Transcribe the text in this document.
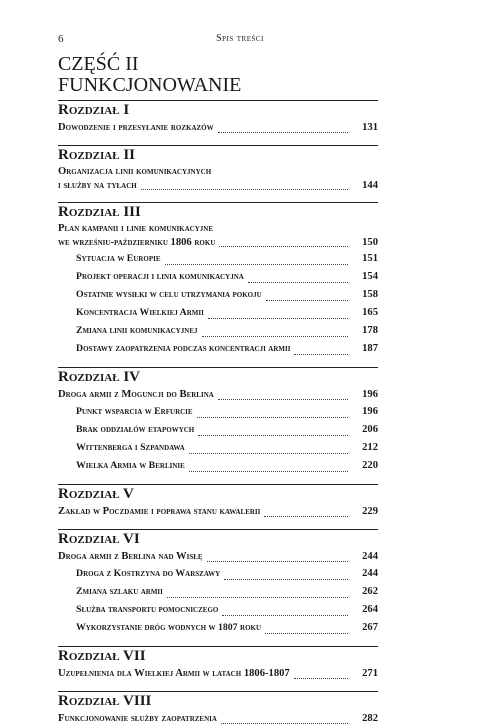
6	Spis treści
CZĘŚĆ II
FUNKCJONOWANIE
Rozdział I
Dowodzenie i przesyłanie rozkazów	131
Rozdział II
Organizacja linii komunikacyjnych
i służby na tyłach	144
Rozdział III
Plan kampanii i linie komunikacyjne
we wrześniu-październiku 1806 roku	150
Sytuacja w Europie	151
Projekt operacji i linia komunikacyjna	154
Ostatnie wysiłki w celu utrzymania pokoju	158
Koncentracja Wielkiej Armii	165
Zmiana linii komunikacyjnej	178
Dostawy zaopatrzenia podczas koncentracji armii	187
Rozdział IV
Droga armii z Moguncji do Berlina	196
Punkt wsparcia w Erfurcie	196
Brak oddziałów etapowych	206
Wittenberga i Szpandawa	212
Wielka Armia w Berlinie	220
Rozdział V
Zakład w Poczdamie i poprawa stanu kawalerii	229
Rozdział VI
Droga armii z Berlina nad Wisłę	244
Droga z Kostrzyna do Warszawy	244
Zmiana szlaku armii	262
Służba transportu pomocniczego	264
Wykorzystanie dróg wodnych w 1807 roku	267
Rozdział VII
Uzupełnienia dla Wielkiej Armii w latach 1806-1807	271
Rozdział VIII
Funkcjonowanie służby zaopatrzenia	282
